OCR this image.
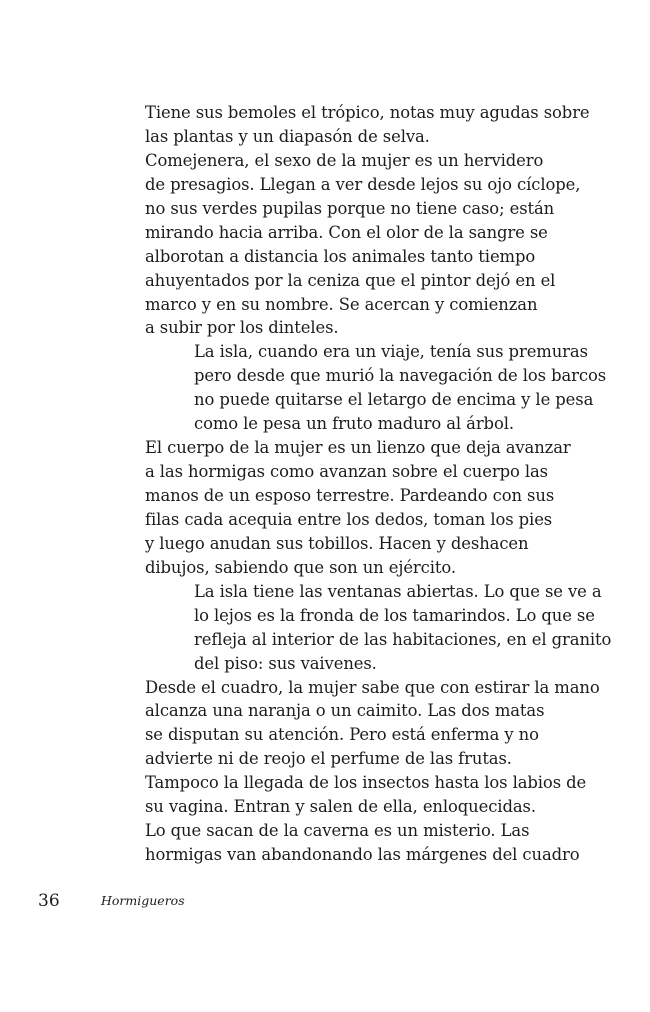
Tiene sus bemoles el trópico, notas muy agudas sobre
las plantas y un diapasón de selva.
Comejenera, el sexo de la mujer es un hervidero
de presagios. Llegan a ver desde lejos su ojo cíclope,
no sus verdes pupilas porque no tiene caso; están
mirando hacia arriba. Con el olor de la sangre se
alborotan a distancia los animales tanto tiempo
ahuyentados por la ceniza que el pintor dejó en el
marco y en su nombre. Se acercan y comienzan
a subir por los dinteles.
La isla, cuando era un viaje, tenía sus premuras
pero desde que murió la navegación de los barcos
no puede quitarse el letargo de encima y le pesa
como le pesa un fruto maduro al árbol.
El cuerpo de la mujer es un lienzo que deja avanzar
a las hormigas como avanzan sobre el cuerpo las
manos de un esposo terrestre. Pardeando con sus
filas cada acequia entre los dedos, toman los pies
y luego anudan sus tobillos. Hacen y deshacen
dibujos, sabiendo que son un ejército.
La isla tiene las ventanas abiertas. Lo que se ve a
lo lejos es la fronda de los tamarindos. Lo que se
refleja al interior de las habitaciones, en el granito
del piso: sus vaivenes.
Desde el cuadro, la mujer sabe que con estirar la mano
alcanza una naranja o un caimito. Las dos matas
se disputan su atención. Pero está enferma y no
advierte ni de reojo el perfume de las frutas.
Tampoco la llegada de los insectos hasta los labios de
su vagina. Entran y salen de ella, enloquecidas.
Lo que sacan de la caverna es un misterio. Las
hormigas van abandonando las márgenes del cuadro
36	Hormigueros
